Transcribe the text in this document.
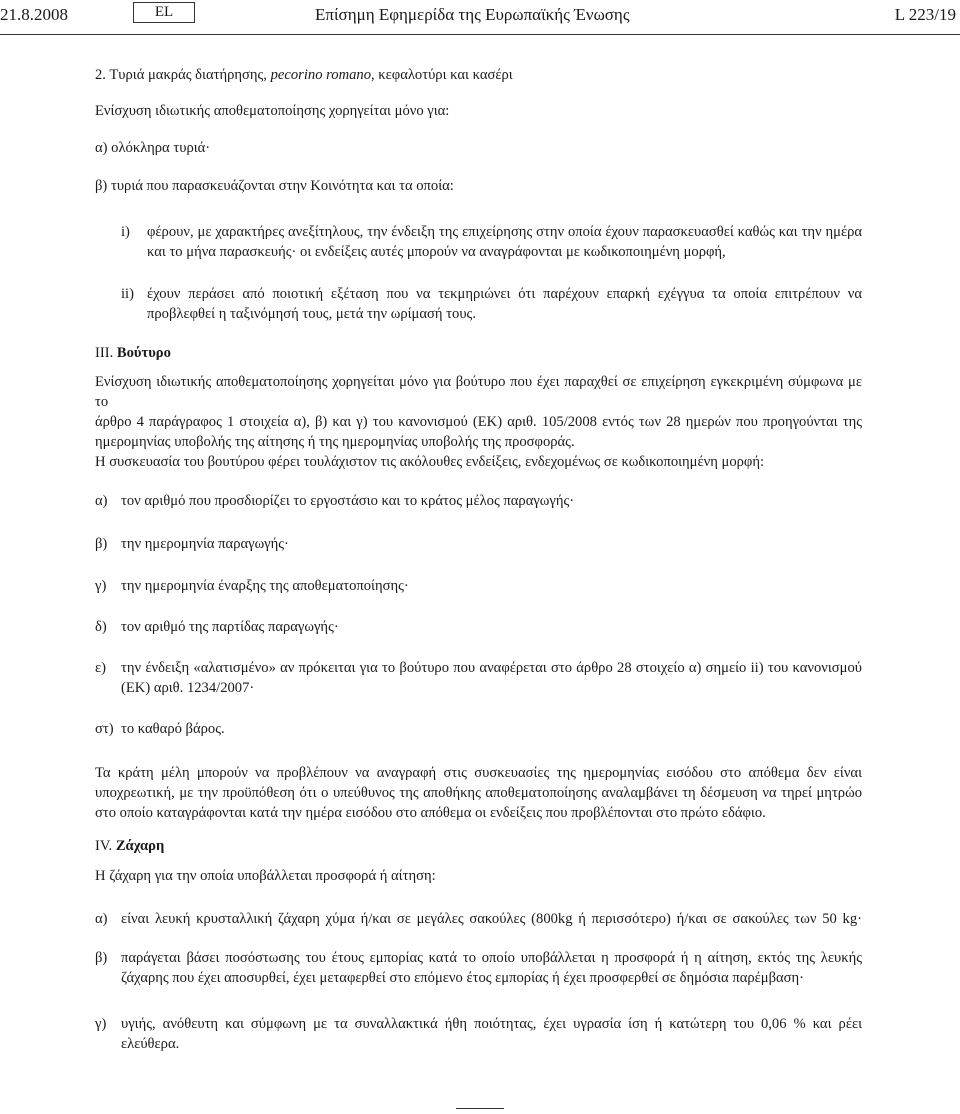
21.8.2008	EL	Επίσημη Εφημερίδα της Ευρωπαϊκής Ένωσης	L 223/19
2. Τυριά μακράς διατήρησης, pecorino romano, κεφαλοτύρι και κασέρι
Ενίσχυση ιδιωτικής αποθεματοποίησης χορηγείται μόνο για:
α) ολόκληρα τυριά·
β) τυριά που παρασκευάζονται στην Κοινότητα και τα οποία:
i) φέρουν, με χαρακτήρες ανεξίτηλους, την ένδειξη της επιχείρησης στην οποία έχουν παρασκευασθεί καθώς και την ημέρα
και το μήνα παρασκευής· οι ενδείξεις αυτές μπορούν να αναγράφονται με κωδικοποιημένη μορφή,
ii) έχουν περάσει από ποιοτική εξέταση που να τεκμηριώνει ότι παρέχουν επαρκή εχέγγυα τα οποία επιτρέπουν να
προβλεφθεί η ταξινόμησή τους, μετά την ωρίμασή τους.
III. Βούτυρο
Ενίσχυση ιδιωτικής αποθεματοποίησης χορηγείται μόνο για βούτυρο που έχει παραχθεί σε επιχείρηση εγκεκριμένη σύμφωνα με το
άρθρο 4 παράγραφος 1 στοιχεία α), β) και γ) του κανονισμού (ΕΚ) αριθ. 105/2008 εντός των 28 ημερών που προηγούνται της
ημερομηνίας υποβολής της αίτησης ή της ημερομηνίας υποβολής της προσφοράς.
Η συσκευασία του βουτύρου φέρει τουλάχιστον τις ακόλουθες ενδείξεις, ενδεχομένως σε κωδικοποιημένη μορφή:
α) τον αριθμό που προσδιορίζει το εργοστάσιο και το κράτος μέλος παραγωγής·
β) την ημερομηνία παραγωγής·
γ) την ημερομηνία έναρξης της αποθεματοποίησης·
δ) τον αριθμό της παρτίδας παραγωγής·
ε) την ένδειξη «αλατισμένο» αν πρόκειται για το βούτυρο που αναφέρεται στο άρθρο 28 στοιχείο α) σημείο ii) του κανονισμού
(ΕΚ) αριθ. 1234/2007·
στ) το καθαρό βάρος.
Τα κράτη μέλη μπορούν να προβλέπουν να αναγραφή στις συσκευασίες της ημερομηνίας εισόδου στο απόθεμα δεν είναι
υποχρεωτική, με την προϋπόθεση ότι ο υπεύθυνος της αποθήκης αποθεματοποίησης αναλαμβάνει τη δέσμευση να τηρεί μητρώο
στο οποίο καταγράφονται κατά την ημέρα εισόδου στο απόθεμα οι ενδείξεις που προβλέπονται στο πρώτο εδάφιο.
IV. Ζάχαρη
Η ζάχαρη για την οποία υποβάλλεται προσφορά ή αίτηση:
α) είναι λευκή κρυσταλλική ζάχαρη χύμα ή/και σε μεγάλες σακούλες (800kg ή περισσότερο) ή/και σε σακούλες των 50 kg·
β) παράγεται βάσει ποσόστωσης του έτους εμπορίας κατά το οποίο υποβάλλεται η προσφορά ή η αίτηση, εκτός της λευκής
ζάχαρης που έχει αποσυρθεί, έχει μεταφερθεί στο επόμενο έτος εμπορίας ή έχει προσφερθεί σε δημόσια παρέμβαση·
γ) υγιής, ανόθευτη και σύμφωνη με τα συναλλακτικά ήθη ποιότητας, έχει υγρασία ίση ή κατώτερη του 0,06 % και ρέει
ελεύθερα.
